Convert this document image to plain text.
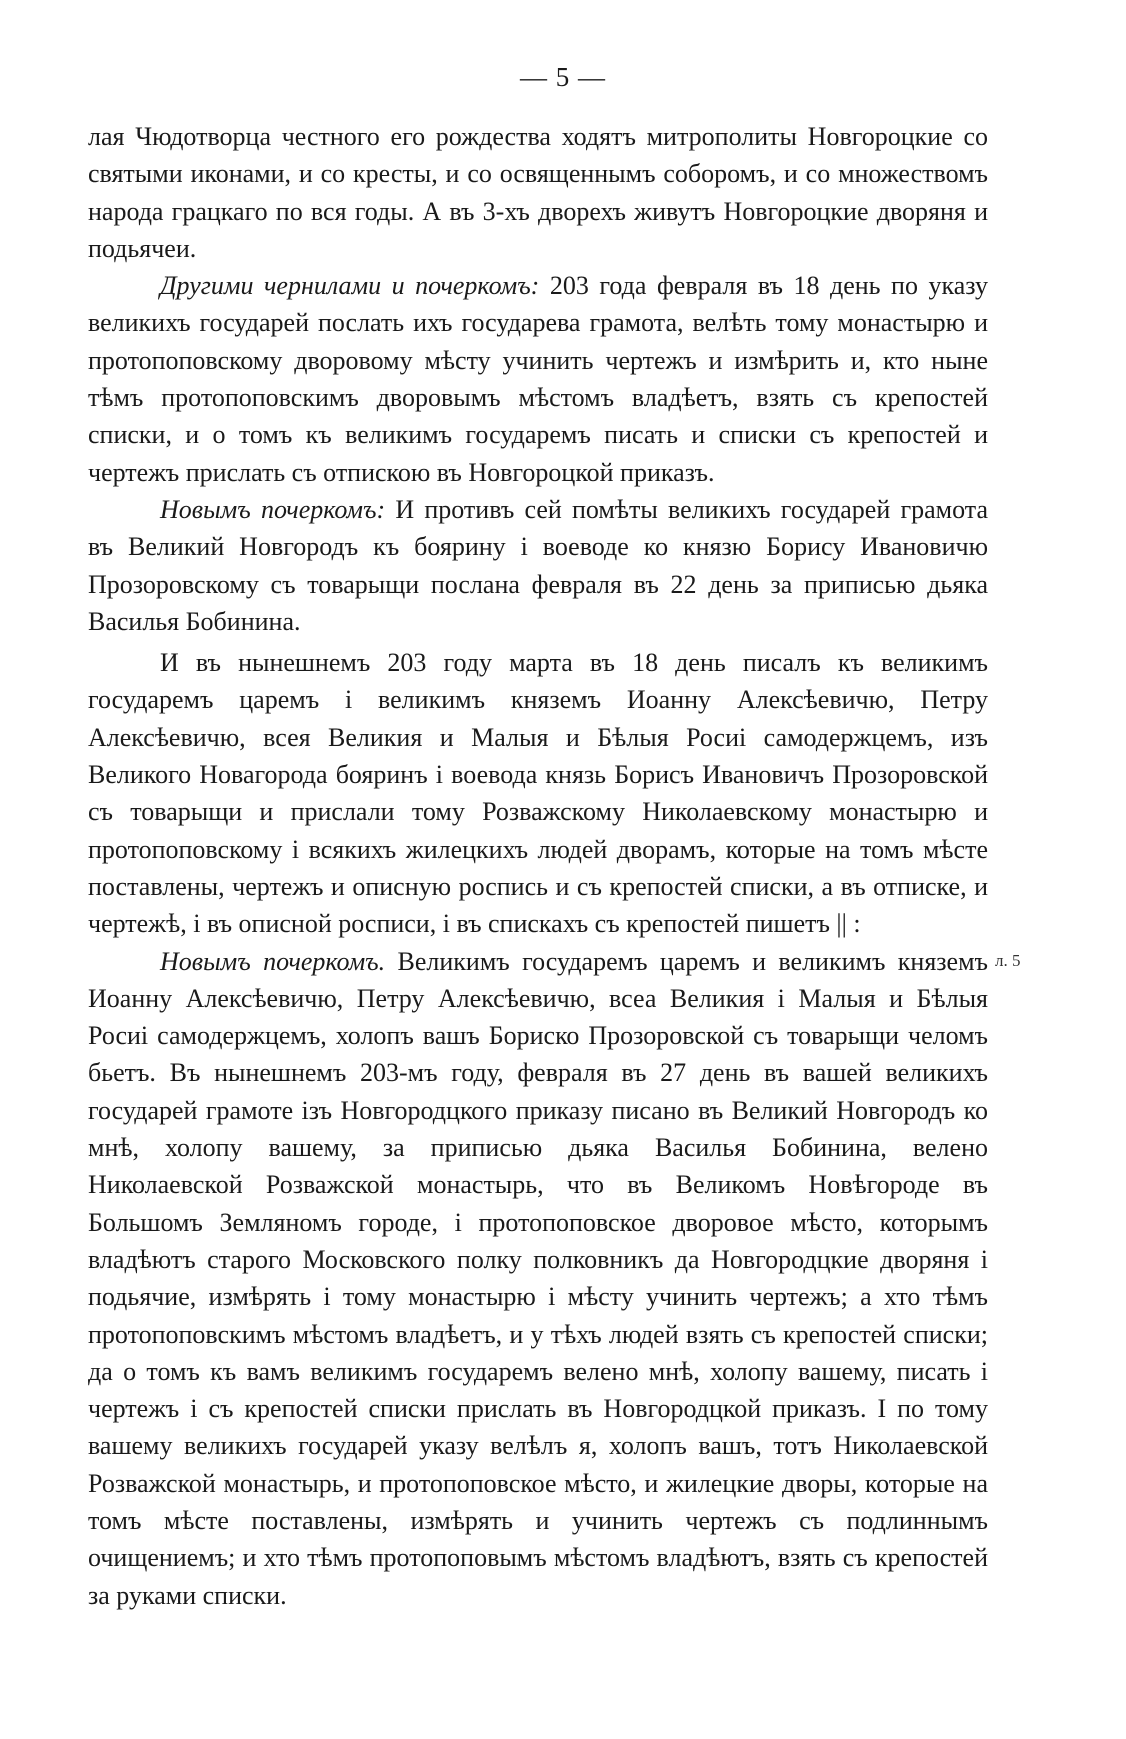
— 5 —

лая Чюдотворца честного его рождества ходятъ митрополиты Новгороцкие со святыми иконами, и со кресты, и со освященнымъ соборомъ, и со множествомъ народа грацкаго по вся годы. А въ 3-хъ дворехъ живутъ Новгороцкие дворяня и подьячеи.

Другими чернилами и почеркомъ: 203 года февраля въ 18 день по указу великихъ государей послать ихъ государева грамота, велѣть тому монастырю и протопоповскому дворовому мѣсту учинить чертежъ и измѣрить и, кто ныне тѣмъ протопоповскимъ дворовымъ мѣстомъ владѣетъ, взять съ крепостей списки, и о томъ къ великимъ государемъ писать и списки съ крепостей и чертежъ прислать съ отпискою въ Новгороцкой приказъ.

Новымъ почеркомъ: И противъ сей помѣты великихъ государей грамота въ Великий Новгородъ къ боярину і воеводе ко князю Борису Ивановичю Прозоровскому съ товарыщи послана февраля въ 22 день за приписью дьяка Василья Бобинина.

И въ нынешнемъ 203 году марта въ 18 день писалъ къ великимъ государемъ царемъ і великимъ княземъ Иоанну Алексѣевичю, Петру Алексѣевичю, всея Великия и Малыя и Бѣлыя Росиі самодержцемъ, изъ Великого Новагорода бояринъ і воевода князь Борисъ Ивановичъ Прозоровской съ товарыщи и прислали тому Розважскому Николаевскому монастырю и протопоповскому і всякихъ жилецкихъ людей дворамъ, которые на томъ мѣсте поставлены, чертежъ и описную роспись и съ крепостей списки, а въ отписке, и чертежѣ, і въ описной росписи, і въ спискахъ съ крепостей пишетъ || :

Новымъ почеркомъ. Великимъ государемъ царемъ и великимъ княземъ Иоанну Алексѣевичю, Петру Алексѣевичю, всеа Великия і Малыя и Бѣлыя Росиі самодержцемъ, холопъ вашъ Бориско Прозоровской съ товарыщи челомъ бьетъ. Въ нынешнемъ 203-мъ году, февраля въ 27 день въ вашей великихъ государей грамоте ізъ Новгородцкого приказу писано въ Великий Новгородъ ко мнѣ, холопу вашему, за приписью дьяка Василья Бобинина, велено Николаевской Розважской монастырь, что въ Великомъ Новѣгороде въ Большомъ Земляномъ городе, і протопоповское дворовое мѣсто, которымъ владѣютъ старого Московского полку полковникъ да Новгородцкие дворяня і подьячие, измѣрять і тому монастырю і мѣсту учинить чертежъ; а хто тѣмъ протопоповскимъ мѣстомъ владѣетъ, и у тѣхъ людей взять съ крепостей списки; да о томъ къ вамъ великимъ государемъ велено мнѣ, холопу вашему, писать і чертежъ і съ крепостей списки прислать въ Новгородцкой приказъ. І по тому вашему великихъ государей указу велѣлъ я, холопъ вашъ, тотъ Николаевской Розважской монастырь, и протопоповское мѣсто, и жилецкие дворы, которые на томъ мѣсте поставлены, измѣрять и учинить чертежъ съ подлиннымъ очищениемъ; и хто тѣмъ протопоповымъ мѣстомъ владѣютъ, взять съ крепостей за руками списки.

л. 5
